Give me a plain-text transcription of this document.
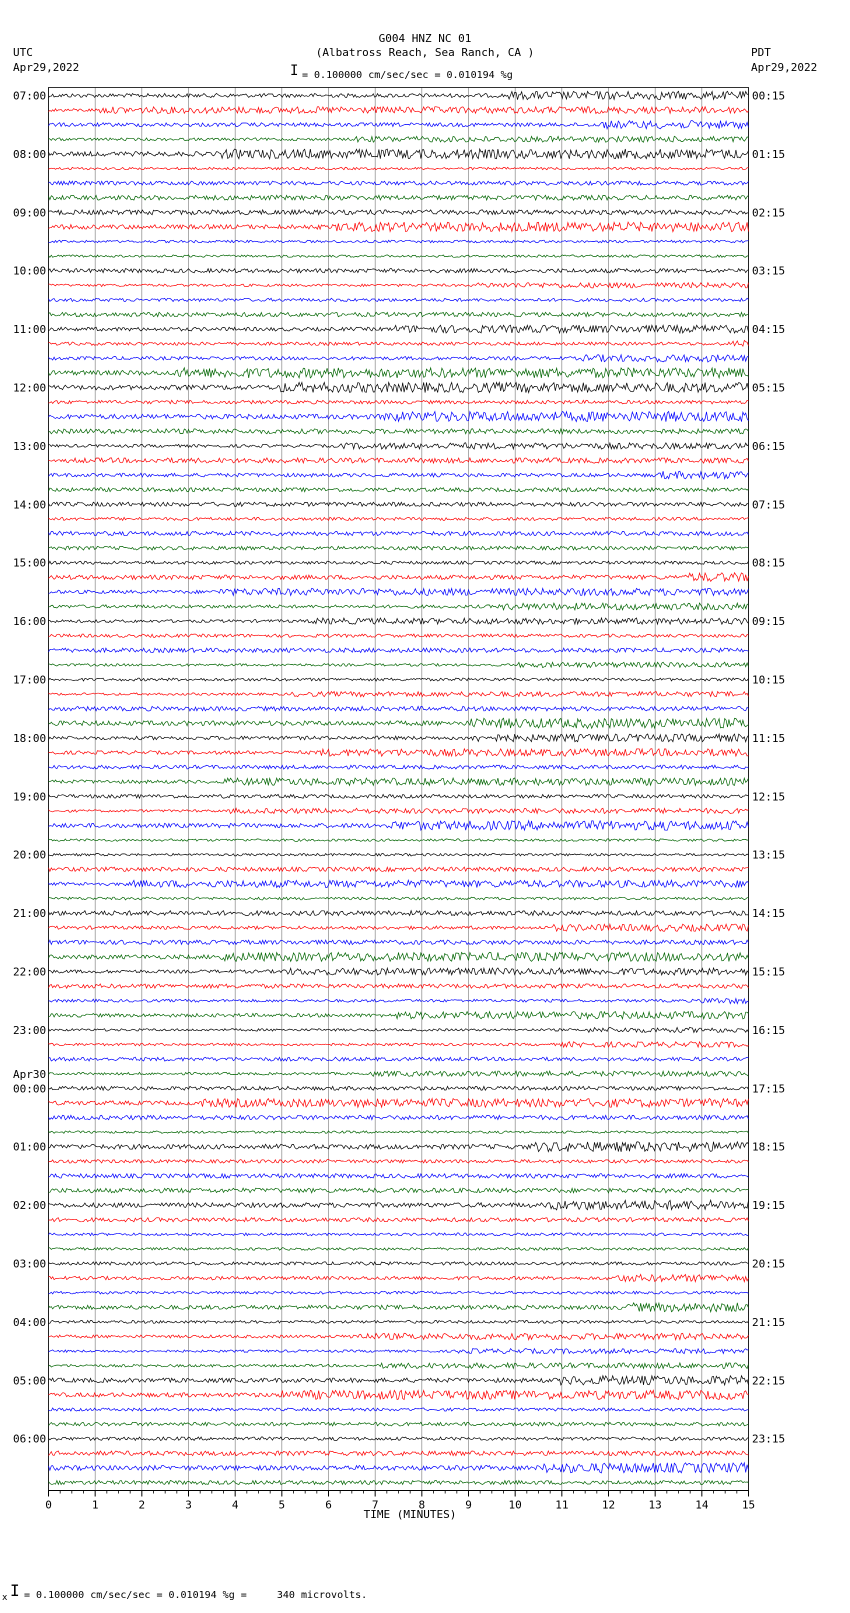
0	1	2	3	4	5	6	7	8	9	10	11	12	13	14	15
07:00
08:00
09:00
10:00
11:00
12:00
13:00
14:00
15:00
16:00
17:00
18:00
19:00
20:00
21:00
22:00
23:00
00:00
01:00
02:00
03:00
04:00
05:00
06:00
00:15
01:15
02:15
03:15
04:15
05:15
06:15
07:15
08:15
09:15
10:15
11:15
12:15
13:15
14:15
15:15
16:15
17:15
18:15
19:15
20:15
21:15
22:15
23:15
G004 HNZ NC 01
(Albatross Reach, Sea Ranch, CA )
I = 0.100000 cm/sec/sec = 0.010194 %g
UTC
Apr29,2022
PDT
Apr29,2022
TIME (MINUTES)
Apr30
x I = 0.100000 cm/sec/sec = 0.010194 %g =     340 microvolts.
